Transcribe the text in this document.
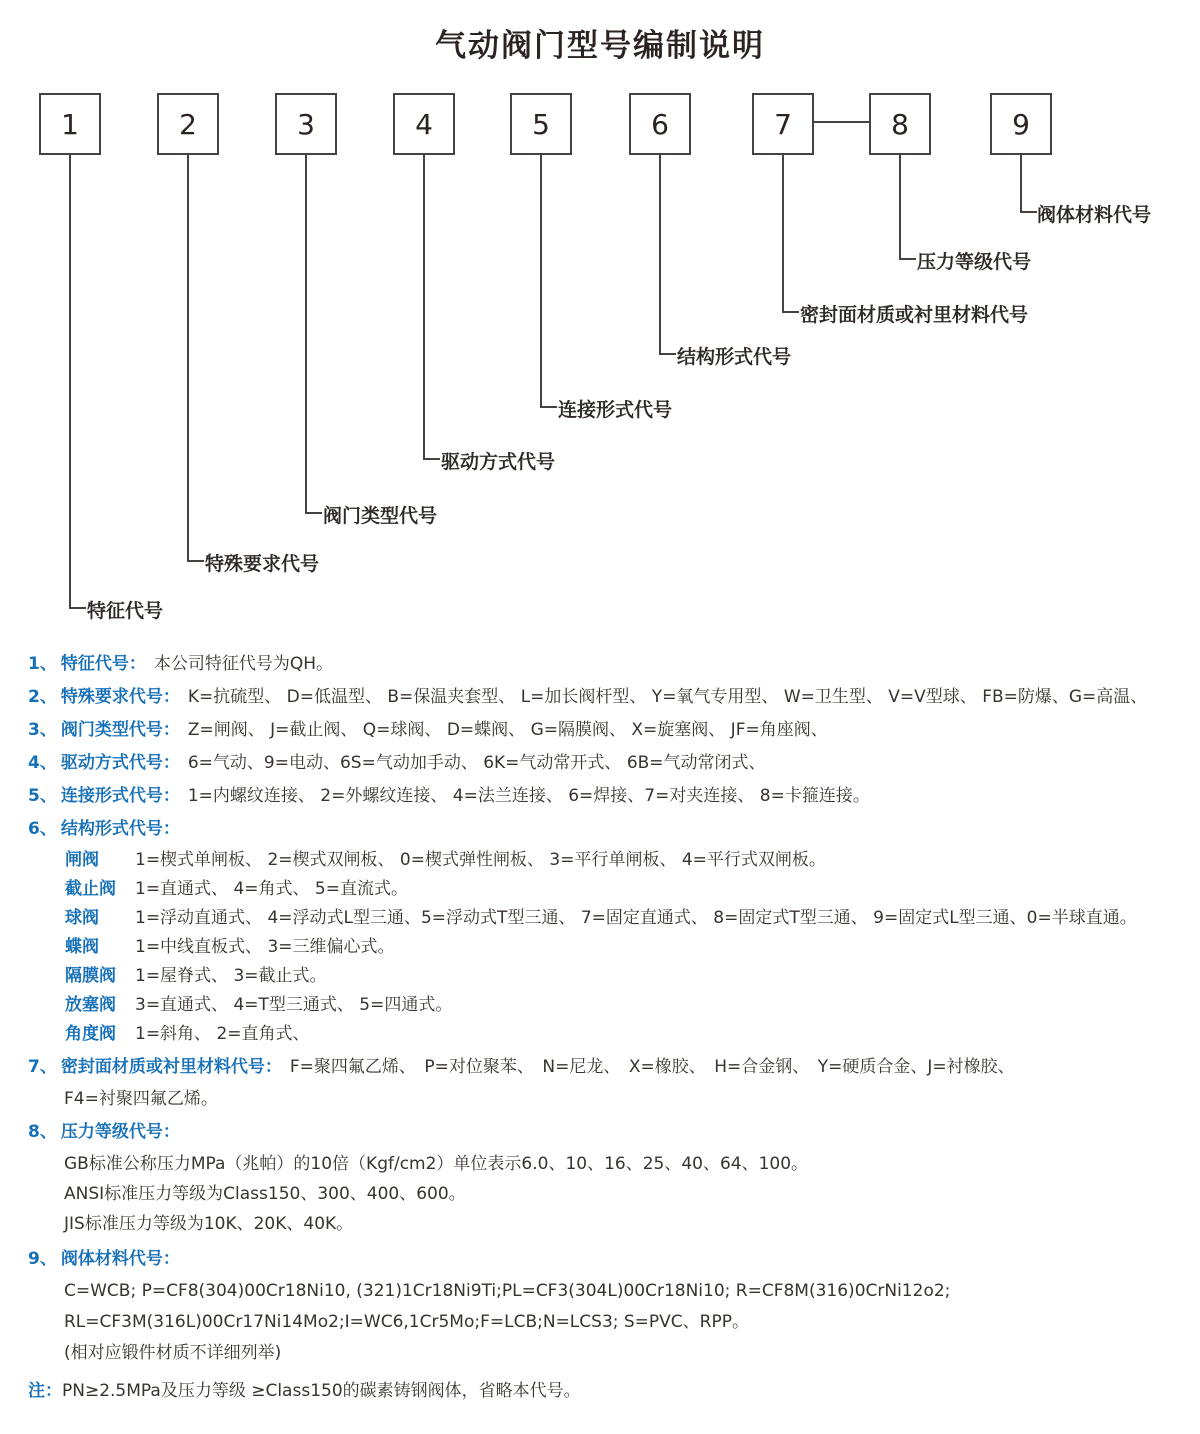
气动阀门型号编制说明
1	2	3	4	5	6	7	8	9
特征代号
特殊要求代号
阀门类型代号
驱动方式代号
连接形式代号
结构形式代号
密封面材质或衬里材料代号
压力等级代号
阀体材料代号
1、 特征代号： 本公司特征代号为QH。
2、 特殊要求代号： K=抗硫型、 D=低温型、 B=保温夹套型、 L=加长阀杆型、 Y=氧气专用型、 W=卫生型、 V=V型球、 FB=防爆、G=高温、
3、 阀门类型代号： Z=闸阀、 J=截止阀、 Q=球阀、 D=蝶阀、 G=隔膜阀、 X=旋塞阀、 JF=角座阀、
4、 驱动方式代号： 6=气动、9=电动、6S=气动加手动、 6K=气动常开式、 6B=气动常闭式、
5、 连接形式代号： 1=内螺纹连接、 2=外螺纹连接、 4=法兰连接、 6=焊接、7=对夹连接、 8=卡箍连接。
6、 结构形式代号：
闸阀 1=楔式单闸板、 2=楔式双闸板、 0=楔式弹性闸板、 3=平行单闸板、 4=平行式双闸板。
截止阀 1=直通式、 4=角式、 5=直流式。
球阀 1=浮动直通式、 4=浮动式L型三通、5=浮动式T型三通、 7=固定直通式、 8=固定式T型三通、 9=固定式L型三通、0=半球直通。
蝶阀 1=中线直板式、 3=三维偏心式。
隔膜阀 1=屋脊式、 3=截止式。
放塞阀 3=直通式、 4=T型三通式、 5=四通式。
角度阀 1=斜角、 2=直角式、
7、 密封面材质或衬里材料代号： F=聚四氟乙烯、　P=对位聚苯、　N=尼龙、　X=橡胶、　H=合金钢、　Y=硬质合金、J=衬橡胶、
F4=衬聚四氟乙烯。
8、 压力等级代号：
GB标准公称压力MPa（兆帕）的10倍（Kgf/cm2）单位表示6.0、10、16、25、40、64、100。
ANSI标准压力等级为Class150、300、400、600。
JIS标准压力等级为10K、20K、40K。
9、 阀体材料代号：
C=WCB; P=CF8(304)00Cr18Ni10, (321)1Cr18Ni9Ti;PL=CF3(304L)00Cr18Ni10; R=CF8M(316)0CrNi12o2;
RL=CF3M(316L)00Cr17Ni14Mo2;I=WC6,1Cr5Mo;F=LCB;N=LCS3; S=PVC、RPP。
(相对应锻件材质不详细列举)
注：PN≥2.5MPa及压力等级 ≥Class150的碳素铸钢阀体，省略本代号。
